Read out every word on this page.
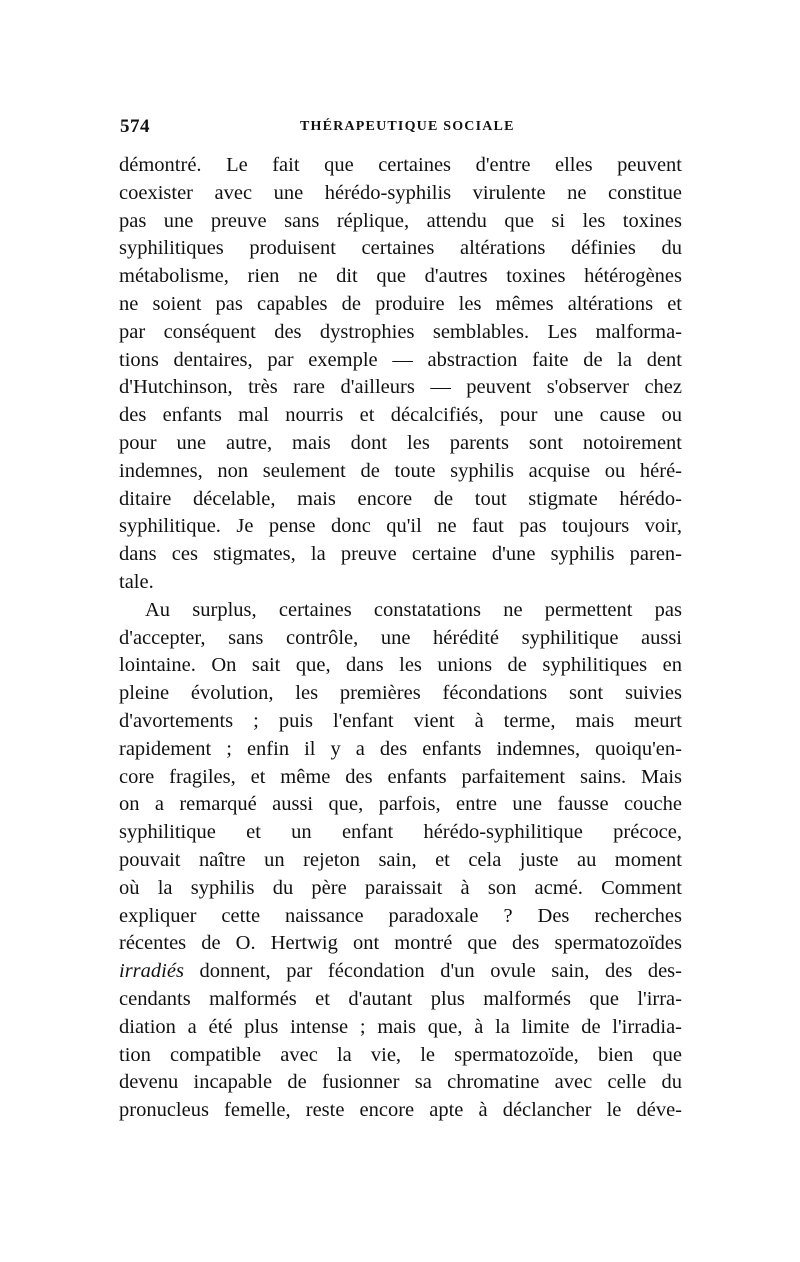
574	THÉRAPEUTIQUE SOCIALE
démontré. Le fait que certaines d'entre elles peuvent
coexister avec une hérédo-syphilis virulente ne constitue
pas une preuve sans réplique, attendu que si les toxines
syphilitiques produisent certaines altérations définies du
métabolisme, rien ne dit que d'autres toxines hétérogènes
ne soient pas capables de produire les mêmes altérations et
par conséquent des dystrophies semblables. Les malforma-
tions dentaires, par exemple — abstraction faite de la dent
d'Hutchinson, très rare d'ailleurs — peuvent s'observer chez
des enfants mal nourris et décalcifiés, pour une cause ou
pour une autre, mais dont les parents sont notoirement
indemnes, non seulement de toute syphilis acquise ou héré-
ditaire décelable, mais encore de tout stigmate hérédo-
syphilitique. Je pense donc qu'il ne faut pas toujours voir,
dans ces stigmates, la preuve certaine d'une syphilis paren-
tale.
Au surplus, certaines constatations ne permettent pas
d'accepter, sans contrôle, une hérédité syphilitique aussi
lointaine. On sait que, dans les unions de syphilitiques en
pleine évolution, les premières fécondations sont suivies
d'avortements ; puis l'enfant vient à terme, mais meurt
rapidement ; enfin il y a des enfants indemnes, quoiqu'en-
core fragiles, et même des enfants parfaitement sains. Mais
on a remarqué aussi que, parfois, entre une fausse couche
syphilitique et un enfant hérédo-syphilitique précoce,
pouvait naître un rejeton sain, et cela juste au moment
où la syphilis du père paraissait à son acmé. Comment
expliquer cette naissance paradoxale ? Des recherches
récentes de O. Hertwig ont montré que des spermatozoïdes
irradiés donnent, par fécondation d'un ovule sain, des des-
cendants malformés et d'autant plus malformés que l'irra-
diation a été plus intense ; mais que, à la limite de l'irradia-
tion compatible avec la vie, le spermatozoïde, bien que
devenu incapable de fusionner sa chromatine avec celle du
pronucleus femelle, reste encore apte à déclancher le déve-
